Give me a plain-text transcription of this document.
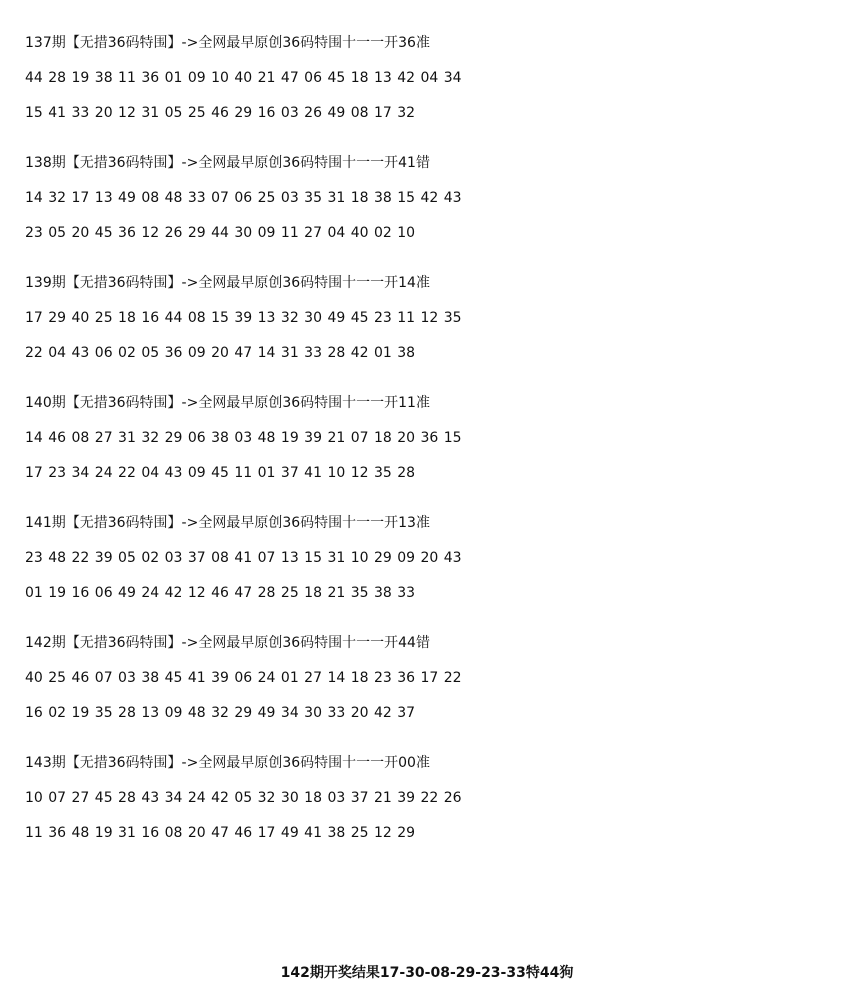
137期【无措36码特围】->全网最早原创36码特围十一一开36准
44 28 19 38 11 36 01 09 10 40 21 47 06 45 18 13 42 04 34
15 41 33 20 12 31 05 25 46 29 16 03 26 49 08 17 32
138期【无措36码特围】->全网最早原创36码特围十一一开41错
14 32 17 13 49 08 48 33 07 06 25 03 35 31 18 38 15 42 43
23 05 20 45 36 12 26 29 44 30 09 11 27 04 40 02 10
139期【无措36码特围】->全网最早原创36码特围十一一开14准
17 29 40 25 18 16 44 08 15 39 13 32 30 49 45 23 11 12 35
22 04 43 06 02 05 36 09 20 47 14 31 33 28 42 01 38
140期【无措36码特围】->全网最早原创36码特围十一一开11准
14 46 08 27 31 32 29 06 38 03 48 19 39 21 07 18 20 36 15
17 23 34 24 22 04 43 09 45 11 01 37 41 10 12 35 28
141期【无措36码特围】->全网最早原创36码特围十一一开13准
23 48 22 39 05 02 03 37 08 41 07 13 15 31 10 29 09 20 43
01 19 16 06 49 24 42 12 46 47 28 25 18 21 35 38 33
142期【无措36码特围】->全网最早原创36码特围十一一开44错
40 25 46 07 03 38 45 41 39 06 24 01 27 14 18 23 36 17 22
16 02 19 35 28 13 09 48 32 29 49 34 30 33 20 42 37
143期【无措36码特围】->全网最早原创36码特围十一一开00准
10 07 27 45 28 43 34 24 42 05 32 30 18 03 37 21 39 22 26
11 36 48 19 31 16 08 20 47 46 17 49 41 38 25 12 29
142期开奖结果17-30-08-29-23-33特44狗
